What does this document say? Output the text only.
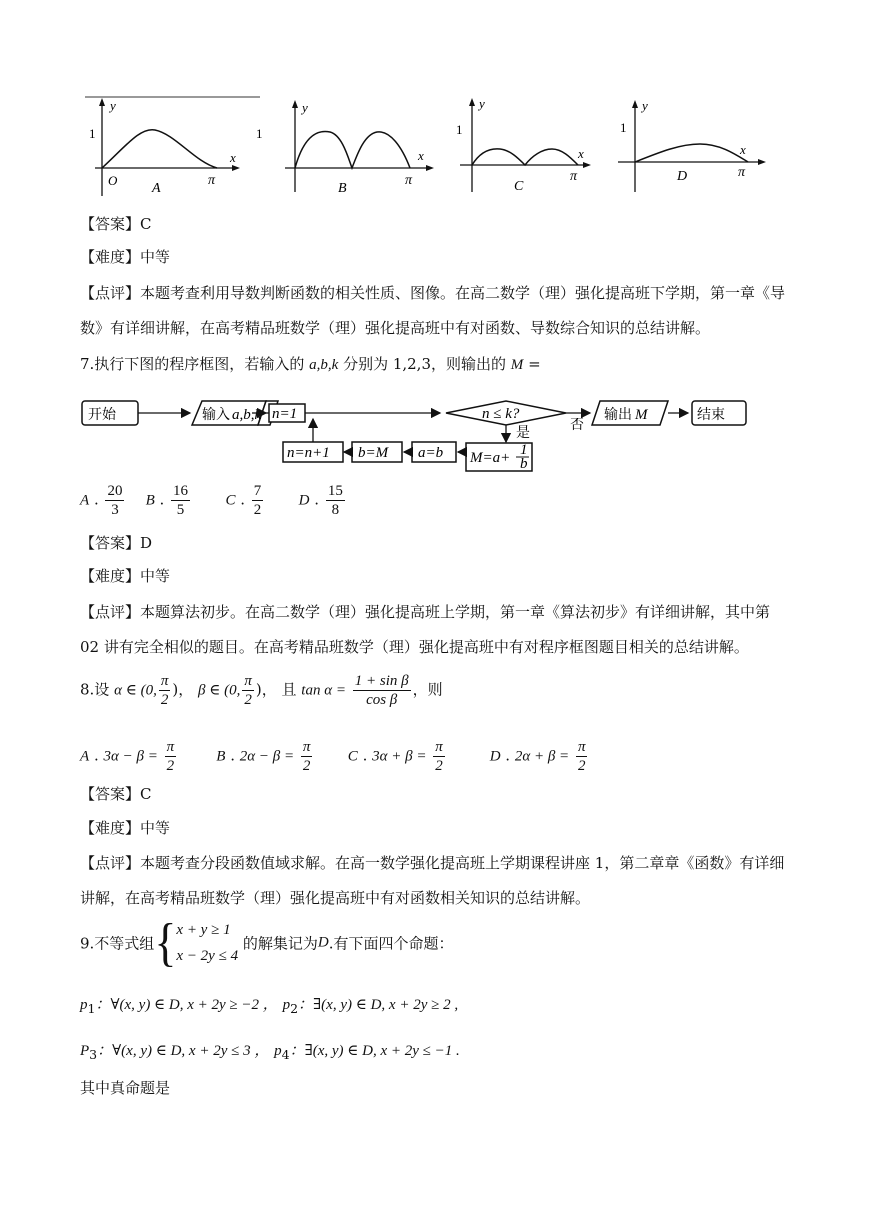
y
x
1
O	π
A
1
y
x
π
B
1
y
x
π
C
1
y
x
π
D
【答案】C
【难度】中等
【点评】本题考查利用导数判断函数的相关性质、图像。在高二数学（理）强化提高班下学期，第一章《导
数》有详细讲解，在高考精品班数学（理）强化提高班中有对函数、导数综合知识的总结讲解。
7.执行下图的程序框图，若输入的 a,b,k 分别为 1,2,3，则输出的 M =
开始	输入 a,b,k n=1	n ≤ k?
否
输出 M	结束
是
M=a+ 1
b
a=b
b=M
n=n+1
A . $\frac{20}{3}$ B . $\frac{16}{5}$ C . $\frac{7}{2}$ D . $\frac{15}{8}$
【答案】D
【难度】中等
【点评】本题算法初步。在高二数学（理）强化提高班上学期，第一章《算法初步》有详细讲解，其中第
02 讲有完全相似的题目。在高考精品班数学（理）强化提高班中有对程序框图题目相关的总结讲解。
8.设 α ∈ (0, $\frac{\pi}{2}$ )， β ∈ (0, $\frac{\pi}{2}$ )， 且 $\tan \alpha = \frac{\text{1 + sin β}}{\text{cos β}}$ ，则
A . $3\alpha - \beta = \frac{\pi}{2}$	B . $2\alpha - \beta = \frac{\pi}{2}$ C . $3\alpha + \beta = \frac{\pi}{2}$	D . $2\alpha + \beta = \frac{\pi}{2}$
【答案】C
【难度】中等
【点评】本题考查分段函数值域求解。在高一数学强化提高班上学期课程讲座 1，第二章章《函数》有详细
讲解，在高考精品班数学（理）强化提高班中有对函数相关知识的总结讲解。
9.不等式组{ x + y ≥ 1
x − 2y ≤ 4
的解集记为D.有下面四个命题：
$p_1$：∀(x, y) ∈ D, x + 2y ≥ −2 ， $p_2$：∃(x, y) ∈ D, x + 2y ≥ 2 ,
$P_3$：∀(x, y) ∈ D, x + 2y ≤ 3 ， $p_4$：∃(x, y) ∈ D, x + 2y ≤ −1 .
其中真命题是
